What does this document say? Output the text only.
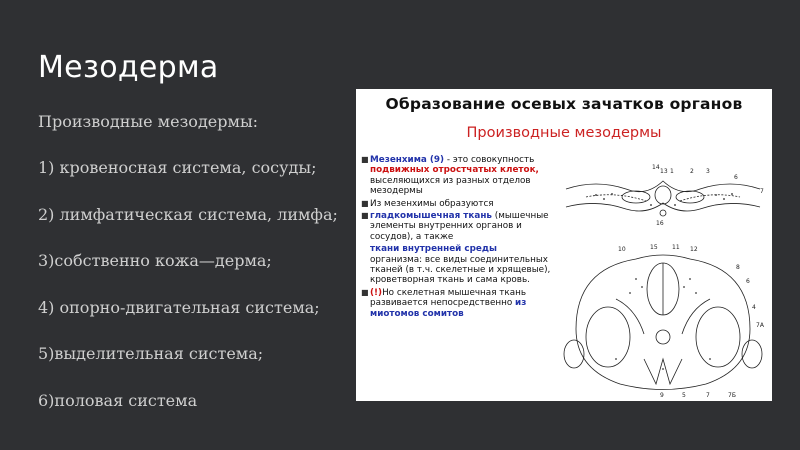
Мезодерма
Производные мезодермы:
1) кровеносная система, сосуды;
2) лимфатическая система, лимфа;
3)собственно кожа—дерма;
4) опорно-двигательная система;
5)выделительная система;
6)половая система
Образование осевых зачатков органов
Производные мезодермы
■ Мезенхима (9) - это совокупность подвижных отростчатых клеток, выселяющихся из разных отделов мезодермы
■ Из мезенхимы образуются
■ гладкомышечная ткань (мышечные элементы внутренних органов и сосудов), а также
ткани внутренней среды организма: все виды соединительных тканей (в т.ч. скелетные и хрящевые), кроветворная ткань и сама кровь.
■ (!)Но скелетная мышечная ткань развивается непосредственно из миотомов сомитов
14
13 1	2 3
6
7
16
10	15 11 12
8
6
4
7А
9	5	7	7Б
